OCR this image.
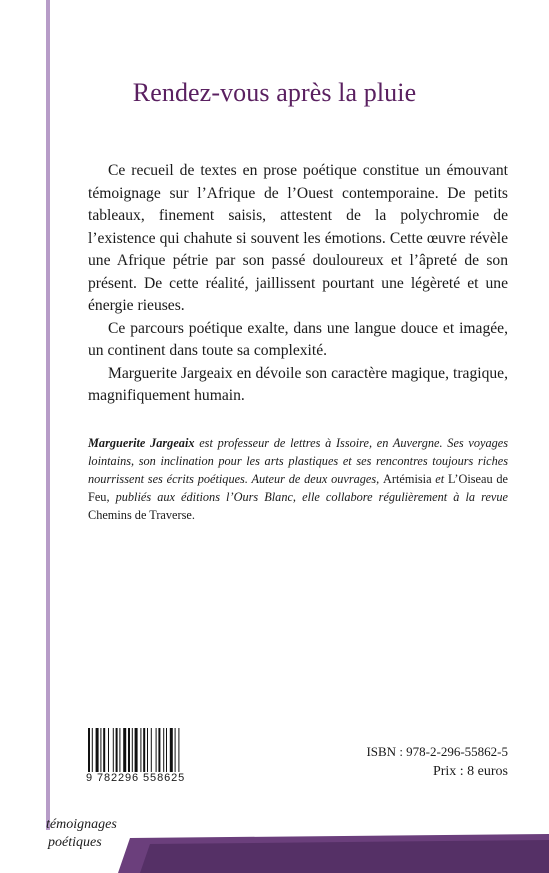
Rendez-vous après la pluie

Ce recueil de textes en prose poétique constitue un émouvant témoignage sur l’Afrique de l’Ouest contemporaine. De petits tableaux, finement saisis, attestent de la polychromie de l’existence qui chahute si souvent les émotions. Cette œuvre révèle une Afrique pétrie par son passé douloureux et l’âpreté de son présent. De cette réalité, jaillissent pourtant une légèreté et une énergie rieuses.

Ce parcours poétique exalte, dans une langue douce et imagée, un continent dans toute sa complexité.

Marguerite Jargeaix en dévoile son caractère magique, tragique, magnifiquement humain.

Marguerite Jargeaix est professeur de lettres à Issoire, en Auvergne. Ses voyages lointains, son inclination pour les arts plastiques et ses rencontres toujours riches nourrissent ses écrits poétiques. Auteur de deux ouvrages, Artémisia et L’Oiseau de Feu, publiés aux éditions l’Ours Blanc, elle collabore régulièrement à la revue Chemins de Traverse.
9 782296 558625
ISBN : 978-2-296-55862-5
Prix : 8 euros
témoignages
poétiques
